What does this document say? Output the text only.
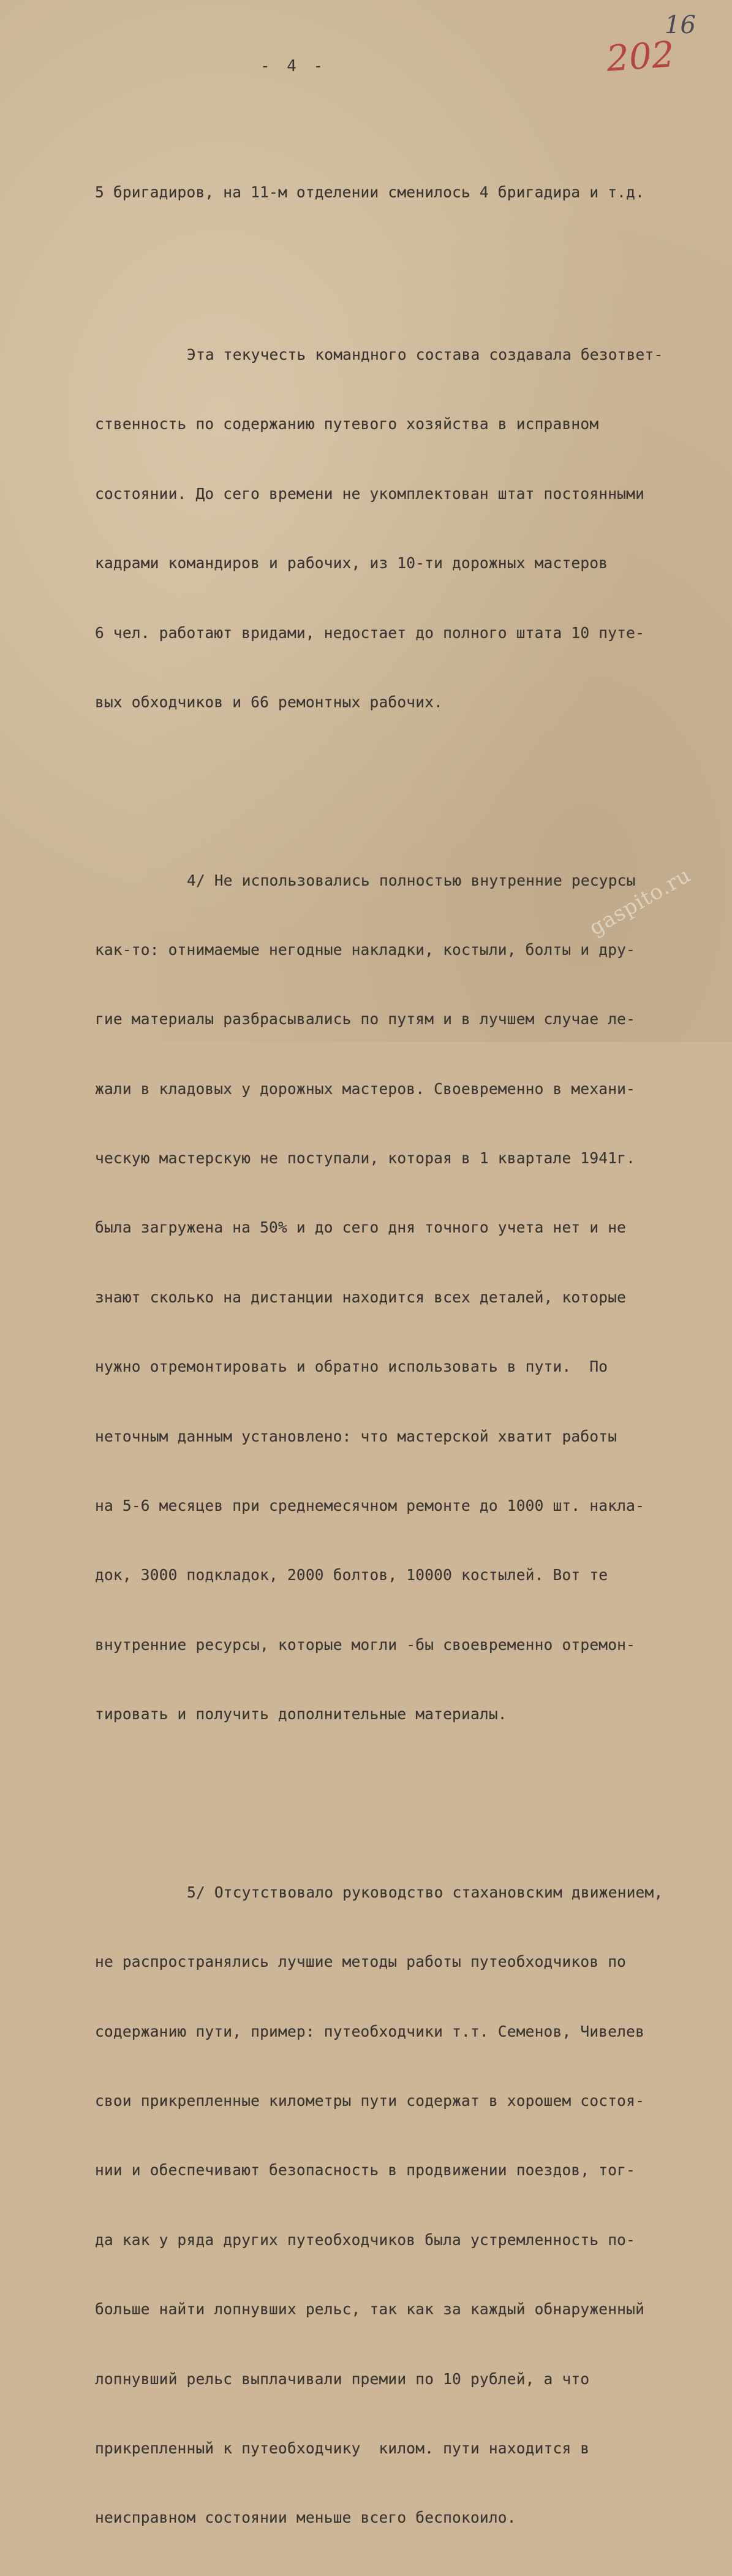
- 4 -
16
202

5 бригадиров, на 11-м отделении сменилось 4 бригадира и т.д.

Эта текучесть командного состава создавала безответ-

ственность по содержанию путевого хозяйства в исправном

состоянии. До сего времени не укомплектован штат постоянными

кадрами командиров и рабочих, из 10-ти дорожных мастеров

6 чел. работают вридами, недостает до полного штата 10 путе-

вых обходчиков и 66 ремонтных рабочих.

4/ Не использовались полностью внутренние ресурсы

как-то: отнимаемые негодные накладки, костыли, болты и дру-

гие материалы разбрасывались по путям и в лучшем случае ле-

жали в кладовых у дорожных мастеров. Своевременно в механи-

ческую мастерскую не поступали, которая в 1 квартале 1941г.

была загружена на 50% и до сего дня точного учета нет и не

знают сколько на дистанции находится всех деталей, которые

нужно отремонтировать и обратно использовать в пути.  По

неточным данным установлено: что мастерской хватит работы

на 5-6 месяцев при среднемесячном ремонте до 1000 шт. накла-

док, 3000 подкладок, 2000 болтов, 10000 костылей. Вот те

внутренние ресурсы, которые могли -бы своевременно отремон-

тировать и получить дополнительные материалы.

5/ Отсутствовало руководство стахановским движением,

не распространялись лучшие методы работы путеобходчиков по

содержанию пути, пример: путеобходчики т.т. Семенов, Чивелев

свои прикрепленные километры пути содержат в хорошем состоя-

нии и обеспечивают безопасность в продвижении поездов, тог-

да как у ряда других путеобходчиков была устремленность по-

больше найти лопнувших рельс, так как за каждый обнаруженный

лопнувший рельс выплачивали премии по 10 рублей, а что

прикрепленный к путеобходчику  килом. пути находится в

неисправном состоянии меньше всего беспокоило.

gaspito.ru
